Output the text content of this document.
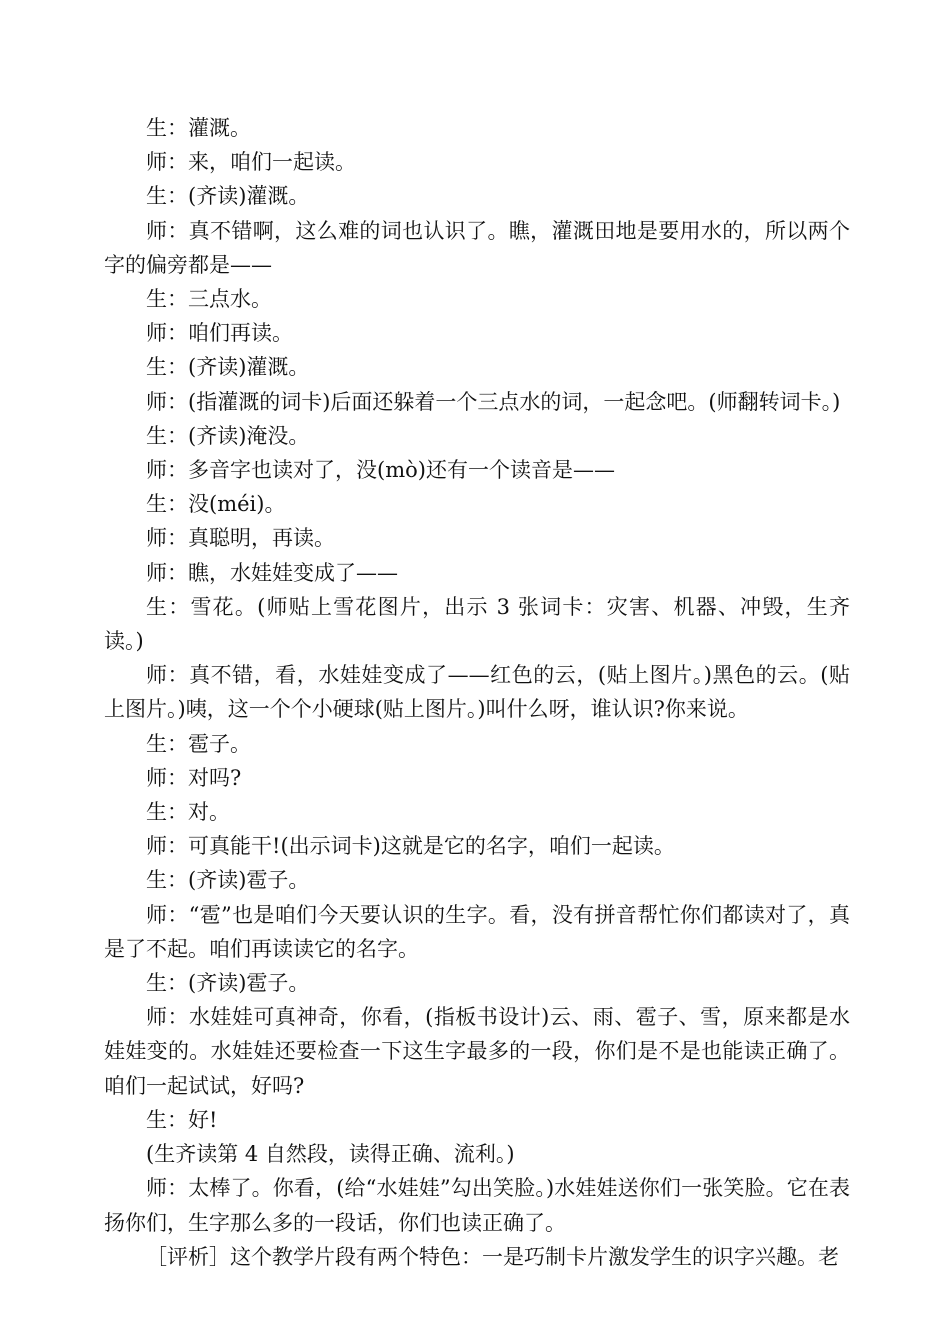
生：灌溉。

师：来，咱们一起读。

生：(齐读)灌溉。

师：真不错啊，这么难的词也认识了。瞧，灌溉田地是要用水的，所以两个字的偏旁都是——

生：三点水。

师：咱们再读。

生：(齐读)灌溉。

师：(指灌溉的词卡)后面还躲着一个三点水的词，一起念吧。(师翻转词卡。)

生：(齐读)淹没。

师：多音字也读对了，没(mò)还有一个读音是——

生：没(méi)。

师：真聪明，再读。

师：瞧，水娃娃变成了——

生：雪花。(师贴上雪花图片，出示 3 张词卡：灾害、机器、冲毁，生齐读。)

师：真不错，看，水娃娃变成了——红色的云，(贴上图片。)黑色的云。(贴上图片。)咦，这一个个小硬球(贴上图片。)叫什么呀，谁认识?你来说。

生：雹子。

师：对吗?

生：对。

师：可真能干!(出示词卡)这就是它的名字，咱们一起读。

生：(齐读)雹子。

师：“雹”也是咱们今天要认识的生字。看，没有拼音帮忙你们都读对了，真是了不起。咱们再读读它的名字。

生：(齐读)雹子。

师：水娃娃可真神奇，你看，(指板书设计)云、雨、雹子、雪，原来都是水娃娃变的。水娃娃还要检查一下这生字最多的一段，你们是不是也能读正确了。咱们一起试试，好吗?

生：好!

(生齐读第 4 自然段，读得正确、流利。)

师：太棒了。你看，(给“水娃娃”勾出笑脸。)水娃娃送你们一张笑脸。它在表扬你们，生字那么多的一段话，你们也读正确了。

［评析］这个教学片段有两个特色：一是巧制卡片激发学生的识字兴趣。老
